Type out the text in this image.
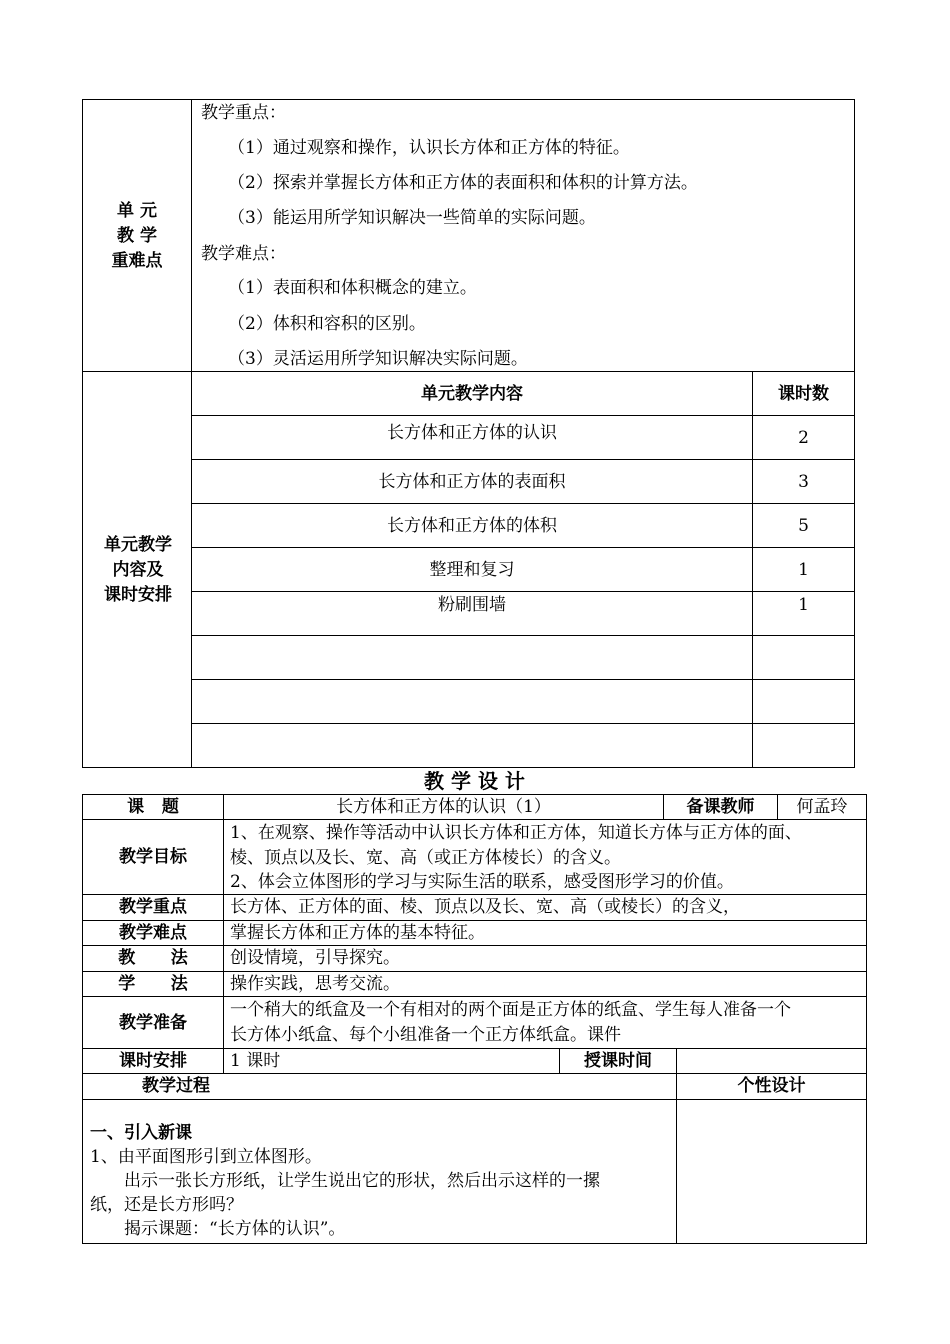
单 元
教 学
重难点
教学重点：
（1）通过观察和操作，认识长方体和正方体的特征。
（2）探索并掌握长方体和正方体的表面积和体积的计算方法。
（3）能运用所学知识解决一些简单的实际问题。
教学难点：
（1）表面积和体积概念的建立。
（2）体积和容积的区别。
（3）灵活运用所学知识解决实际问题。
单元教学
内容及
课时安排
单元教学内容	课时数
长方体和正方体的认识	2
长方体和正方体的表面积	3
长方体和正方体的体积	5
整理和复习	1
粉刷围墙	1
教 学 设 计
课   题	长方体和正方体的认识（1）	备课教师	何孟玲
教学目标
1、在观察、操作等活动中认识长方体和正方体，知道长方体与正方体的面、
棱、顶点以及长、宽、高（或正方体棱长）的含义。
2、体会立体图形的学习与实际生活的联系，感受图形学习的价值。
教学重点	长方体、正方体的面、棱、顶点以及长、宽、高（或棱长）的含义，
教学难点	掌握长方体和正方体的基本特征。
教      法	创设情境，引导探究。
学      法	操作实践，思考交流。
教学准备
一个稍大的纸盒及一个有相对的两个面是正方体的纸盒、学生每人准备一个
长方体小纸盒、每个小组准备一个正方体纸盒。课件
课时安排	1 课时	授课时间
教学过程	个性设计
一、引入新课
1、由平面图形引到立体图形。
　　出示一张长方形纸，让学生说出它的形状，然后出示这样的一摞
纸，还是长方形吗？
　　揭示课题：“长方体的认识”。
